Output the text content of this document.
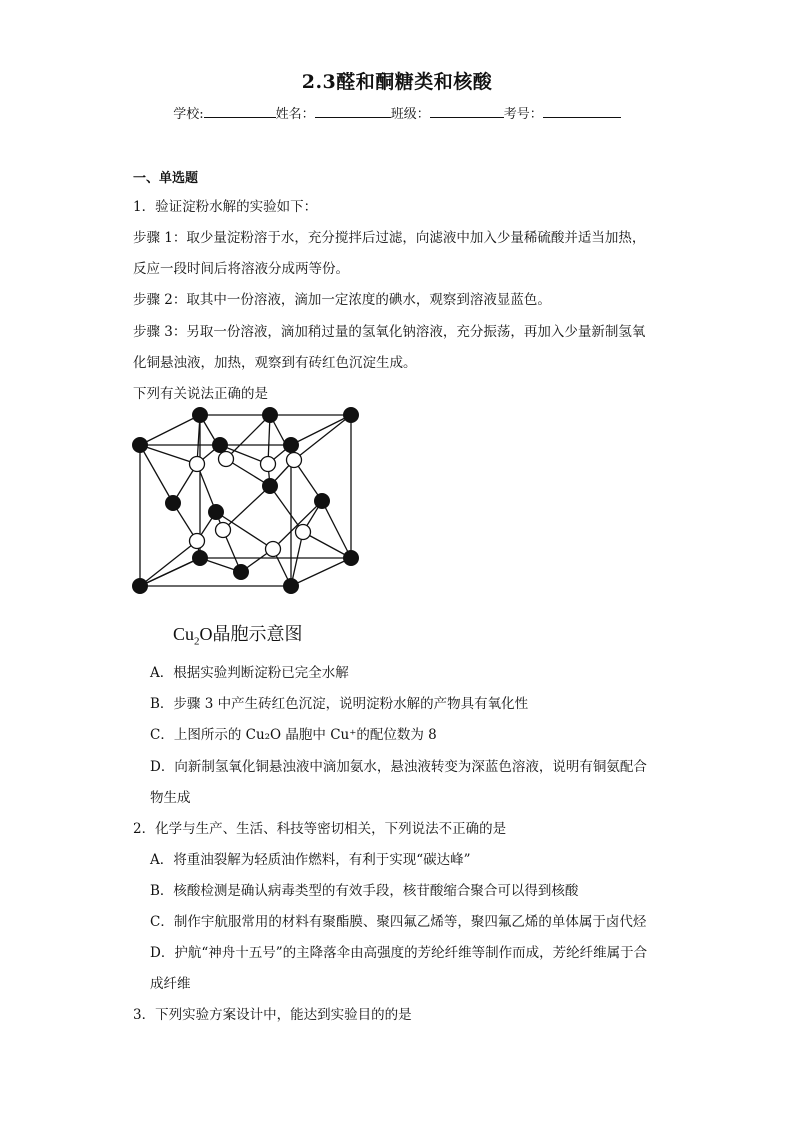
2.3醛和酮糖类和核酸
学校:	姓名：	班级：	考号：
一、单选题
1．验证淀粉水解的实验如下：
步骤 1：取少量淀粉溶于水，充分搅拌后过滤，向滤液中加入少量稀硫酸并适当加热，
反应一段时间后将溶液分成两等份。
步骤 2：取其中一份溶液，滴加一定浓度的碘水，观察到溶液显蓝色。
步骤 3：另取一份溶液，滴加稍过量的氢氧化钠溶液，充分振荡，再加入少量新制氢氧
化铜悬浊液，加热，观察到有砖红色沉淀生成。
下列有关说法正确的是
$Cu_2O$晶胞示意图
A．根据实验判断淀粉已完全水解
B．步骤 3 中产生砖红色沉淀，说明淀粉水解的产物具有氧化性
C．上图所示的 Cu₂O 晶胞中 Cu⁺的配位数为 8
D．向新制氢氧化铜悬浊液中滴加氨水，悬浊液转变为深蓝色溶液，说明有铜氨配合
物生成
2．化学与生产、生活、科技等密切相关，下列说法不正确的是
A．将重油裂解为轻质油作燃料，有利于实现“碳达峰”
B．核酸检测是确认病毒类型的有效手段，核苷酸缩合聚合可以得到核酸
C．制作宇航服常用的材料有聚酯膜、聚四氟乙烯等，聚四氟乙烯的单体属于卤代烃
D．护航“神舟十五号”的主降落伞由高强度的芳纶纤维等制作而成，芳纶纤维属于合
成纤维
3．下列实验方案设计中，能达到实验目的的是
